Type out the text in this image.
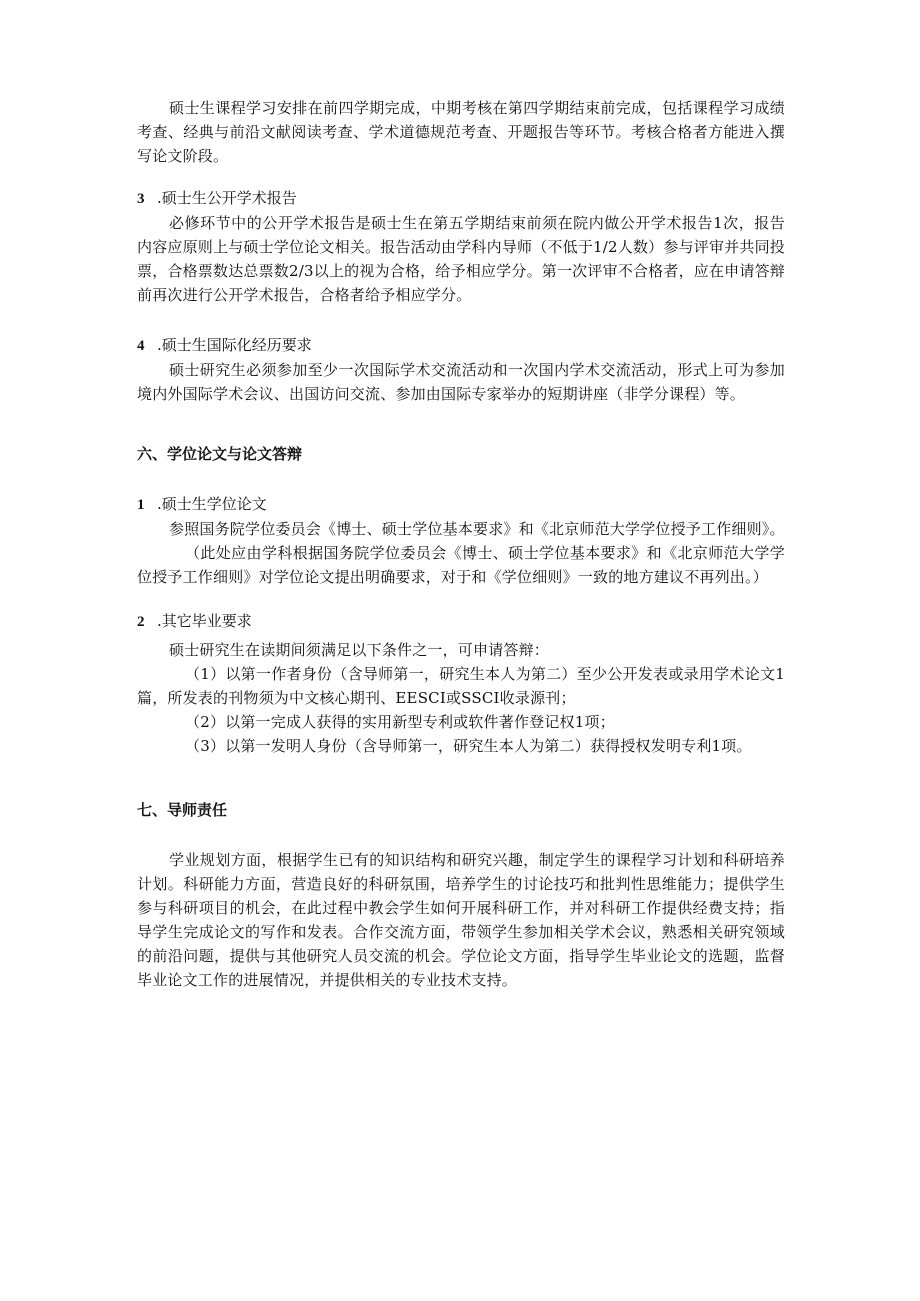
硕士生课程学习安排在前四学期完成，中期考核在第四学期结束前完成，包括课程学习成绩考查、经典与前沿文献阅读考查、学术道德规范考查、开题报告等环节。考核合格者方能进入撰写论文阶段。

3 .硕士生公开学术报告

必修环节中的公开学术报告是硕士生在第五学期结束前须在院内做公开学术报告1次，报告内容应原则上与硕士学位论文相关。报告活动由学科内导师（不低于1/2人数）参与评审并共同投票，合格票数达总票数2/3以上的视为合格，给予相应学分。第一次评审不合格者，应在申请答辩前再次进行公开学术报告，合格者给予相应学分。

4 .硕士生国际化经历要求

硕士研究生必须参加至少一次国际学术交流活动和一次国内学术交流活动，形式上可为参加境内外国际学术会议、出国访问交流、参加由国际专家举办的短期讲座（非学分课程）等。

六、学位论文与论文答辩
1 .硕士生学位论文

参照国务院学位委员会《博士、硕士学位基本要求》和《北京师范大学学位授予工作细则》。

（此处应由学科根据国务院学位委员会《博士、硕士学位基本要求》和《北京师范大学学位授予工作细则》对学位论文提出明确要求，对于和《学位细则》一致的地方建议不再列出。）

2 .其它毕业要求

硕士研究生在读期间须满足以下条件之一，可申请答辩：

（1）以第一作者身份（含导师第一，研究生本人为第二）至少公开发表或录用学术论文1篇，所发表的刊物须为中文核心期刊、EESCI或SSCI收录源刊；

（2）以第一完成人获得的实用新型专利或软件著作登记权1项；

（3）以第一发明人身份（含导师第一，研究生本人为第二）获得授权发明专利1项。

七、导师责任

学业规划方面，根据学生已有的知识结构和研究兴趣，制定学生的课程学习计划和科研培养计划。科研能力方面，营造良好的科研氛围，培养学生的讨论技巧和批判性思维能力；提供学生参与科研项目的机会，在此过程中教会学生如何开展科研工作，并对科研工作提供经费支持；指导学生完成论文的写作和发表。合作交流方面，带领学生参加相关学术会议，熟悉相关研究领域的前沿问题，提供与其他研究人员交流的机会。学位论文方面，指导学生毕业论文的选题，监督毕业论文工作的进展情况，并提供相关的专业技术支持。
